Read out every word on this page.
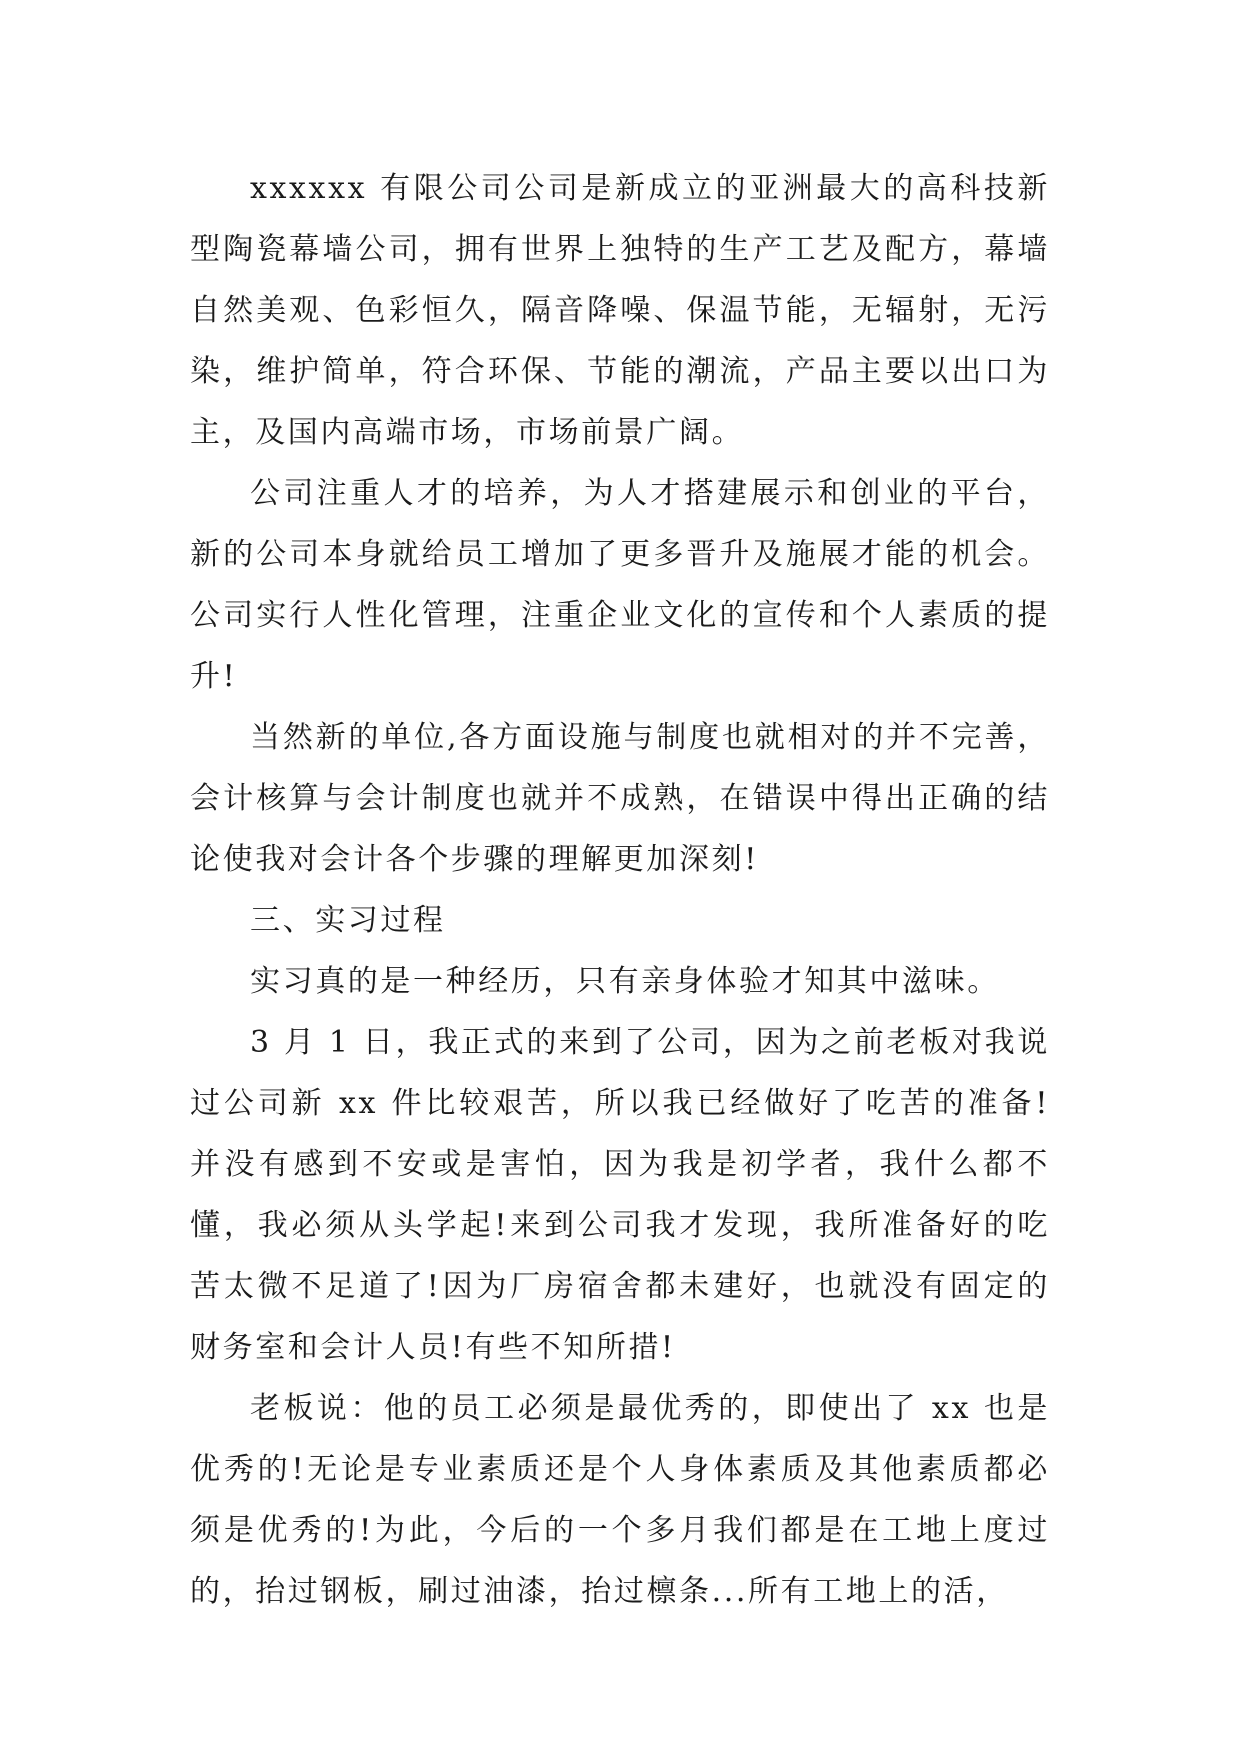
xxxxxx 有限公司公司是新成立的亚洲最大的高科技新型陶瓷幕墙公司，拥有世界上独特的生产工艺及配方，幕墙自然美观、色彩恒久，隔音降噪、保温节能，无辐射，无污染，维护简单，符合环保、节能的潮流，产品主要以出口为主，及国内高端市场，市场前景广阔。

公司注重人才的培养，为人才搭建展示和创业的平台，新的公司本身就给员工增加了更多晋升及施展才能的机会。公司实行人性化管理，注重企业文化的宣传和个人素质的提升!

当然新的单位,各方面设施与制度也就相对的并不完善，会计核算与会计制度也就并不成熟，在错误中得出正确的结论使我对会计各个步骤的理解更加深刻!

三、实习过程

实习真的是一种经历，只有亲身体验才知其中滋味。

3 月 1 日，我正式的来到了公司，因为之前老板对我说过公司新 xx 件比较艰苦，所以我已经做好了吃苦的准备!并没有感到不安或是害怕，因为我是初学者，我什么都不懂，我必须从头学起!来到公司我才发现，我所准备好的吃苦太微不足道了!因为厂房宿舍都未建好，也就没有固定的财务室和会计人员!有些不知所措!

老板说：他的员工必须是最优秀的，即使出了 xx 也是优秀的!无论是专业素质还是个人身体素质及其他素质都必须是优秀的!为此，今后的一个多月我们都是在工地上度过的，抬过钢板，刷过油漆，抬过檩条...所有工地上的活，
